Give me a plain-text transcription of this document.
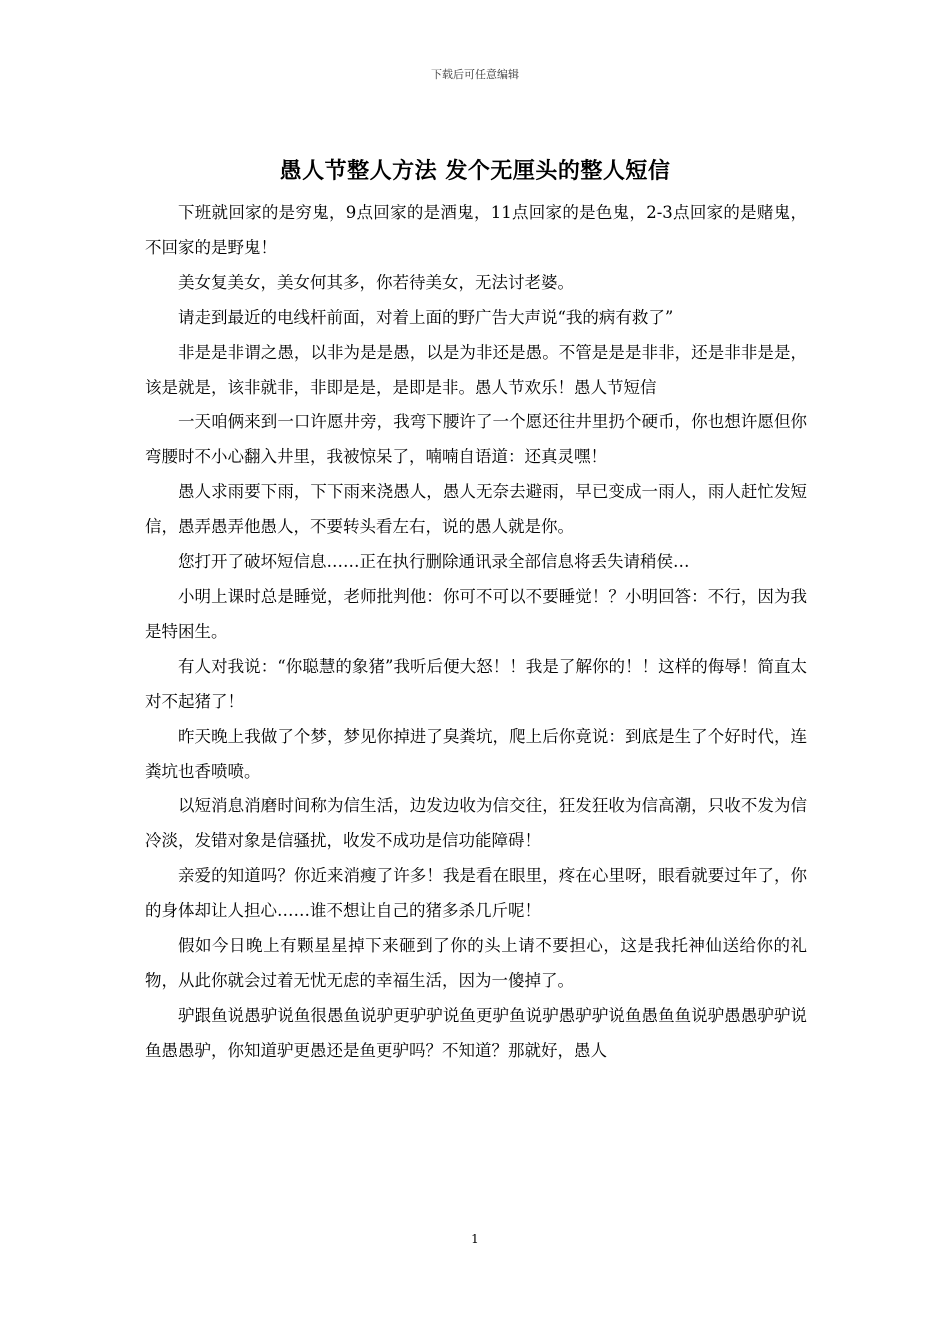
下载后可任意编辑
愚人节整人方法 发个无厘头的整人短信

下班就回家的是穷鬼，9点回家的是酒鬼，11点回家的是色鬼，2-3点回家的是赌鬼，不回家的是野鬼！

美女复美女，美女何其多，你若待美女，无法讨老婆。

请走到最近的电线杆前面，对着上面的野广告大声说“我的病有救了”

非是是非谓之愚，以非为是是愚，以是为非还是愚。不管是是是非非，还是非非是是，该是就是，该非就非，非即是是，是即是非。愚人节欢乐！愚人节短信

一天咱俩来到一口许愿井旁，我弯下腰许了一个愿还往井里扔个硬币，你也想许愿但你弯腰时不小心翻入井里，我被惊呆了，喃喃自语道：还真灵嘿！

愚人求雨要下雨，下下雨来浇愚人，愚人无奈去避雨，早已变成一雨人，雨人赶忙发短信，愚弄愚弄他愚人，不要转头看左右，说的愚人就是你。

您打开了破坏短信息……正在执行删除通讯录全部信息将丢失请稍侯…

小明上课时总是睡觉，老师批判他：你可不可以不要睡觉！？小明回答：不行，因为我是特困生。

有人对我说：“你聪慧的象猪”我听后便大怒！！我是了解你的！！这样的侮辱！简直太对不起猪了！

昨天晚上我做了个梦，梦见你掉进了臭粪坑，爬上后你竟说：到底是生了个好时代，连粪坑也香喷喷。

以短消息消磨时间称为信生活，边发边收为信交往，狂发狂收为信高潮，只收不发为信冷淡，发错对象是信骚扰，收发不成功是信功能障碍！

亲爱的知道吗？你近来消瘦了许多！我是看在眼里，疼在心里呀，眼看就要过年了，你的身体却让人担心……谁不想让自己的猪多杀几斤呢！

假如今日晚上有颗星星掉下来砸到了你的头上请不要担心，这是我托神仙送给你的礼物，从此你就会过着无忧无虑的幸福生活，因为一傻掉了。

驴跟鱼说愚驴说鱼很愚鱼说驴更驴驴说鱼更驴鱼说驴愚驴驴说鱼愚鱼鱼说驴愚愚驴驴说鱼愚愚驴，你知道驴更愚还是鱼更驴吗？不知道？那就好，愚人

1
